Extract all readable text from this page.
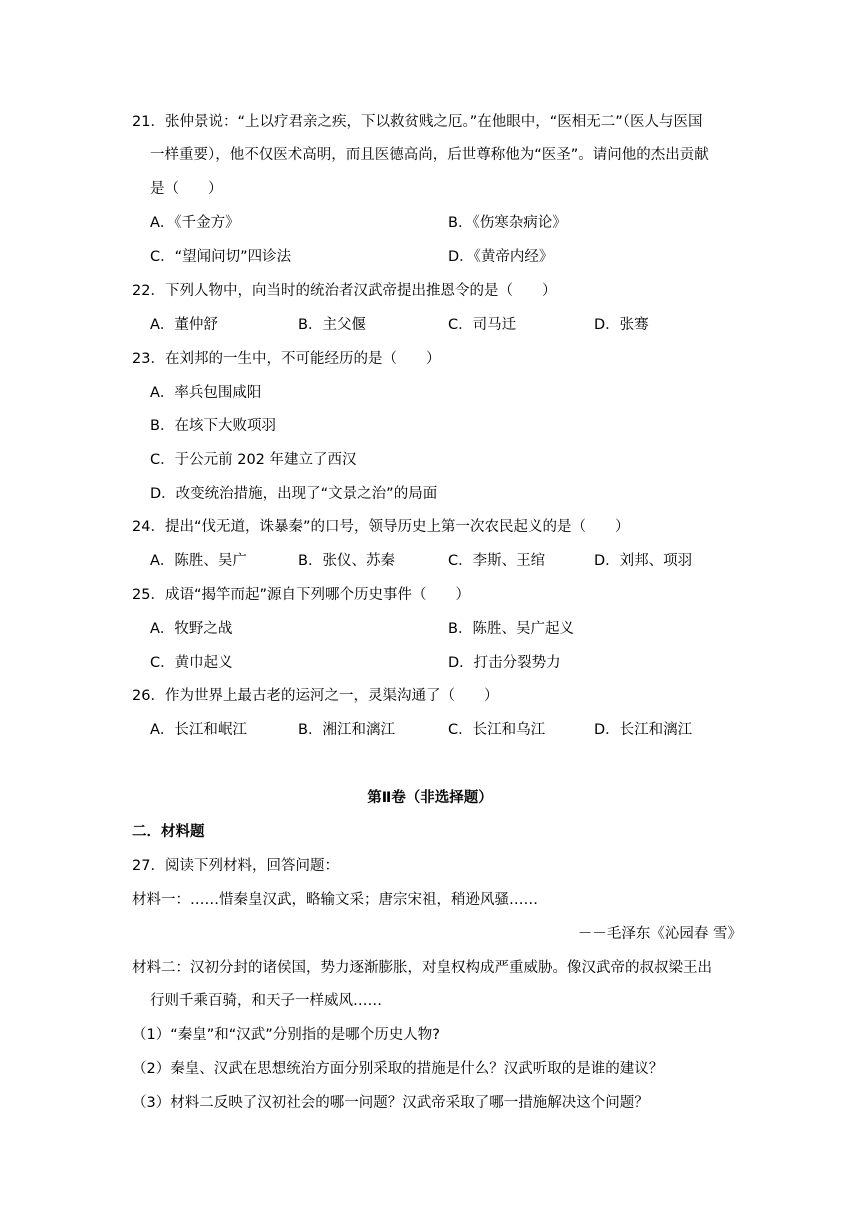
21．张仲景说：“上以疗君亲之疾，下以救贫贱之厄。”在他眼中，“医相无二”（医人与医国
一样重要），他不仅医术高明，而且医德高尚，后世尊称他为“医圣”。请问他的杰出贡献
是（　　）
A．《千金方》	B．《伤寒杂病论》
C．“望闻问切”四诊法	D．《黄帝内经》
22．下列人物中，向当时的统治者汉武帝提出推恩令的是（　　）
A．董仲舒	B．主父偃	C．司马迁	D．张骞
23．在刘邦的一生中，不可能经历的是（　　）
A．率兵包围咸阳
B．在垓下大败项羽
C．于公元前 202 年建立了西汉
D．改变统治措施，出现了“文景之治”的局面
24．提出“伐无道，诛暴秦”的口号，领导历史上第一次农民起义的是（　　）
A．陈胜、吴广	B．张仪、苏秦	C．李斯、王绾	D．刘邦、项羽
25．成语“揭竿而起”源自下列哪个历史事件（　　）
A．牧野之战	B．陈胜、吴广起义
C．黄巾起义	D．打击分裂势力
26．作为世界上最古老的运河之一，灵渠沟通了（　　）
A．长江和岷江	B．湘江和漓江	C．长江和乌江	D．长江和漓江
第Ⅱ卷（非选择题）
二．材料题
27．阅读下列材料，回答问题：
材料一：……惜秦皇汉武，略输文采；唐宗宋祖，稍逊风骚……
－－毛泽东《沁园春 雪》
材料二：汉初分封的诸侯国，势力逐渐膨胀，对皇权构成严重威胁。像汉武帝的叔叔梁王出
行则千乘百骑，和天子一样威风……
（1）“秦皇”和“汉武”分别指的是哪个历史人物?
（2）秦皇、汉武在思想统治方面分别采取的措施是什么？汉武听取的是谁的建议？
（3）材料二反映了汉初社会的哪一问题？汉武帝采取了哪一措施解决这个问题？
